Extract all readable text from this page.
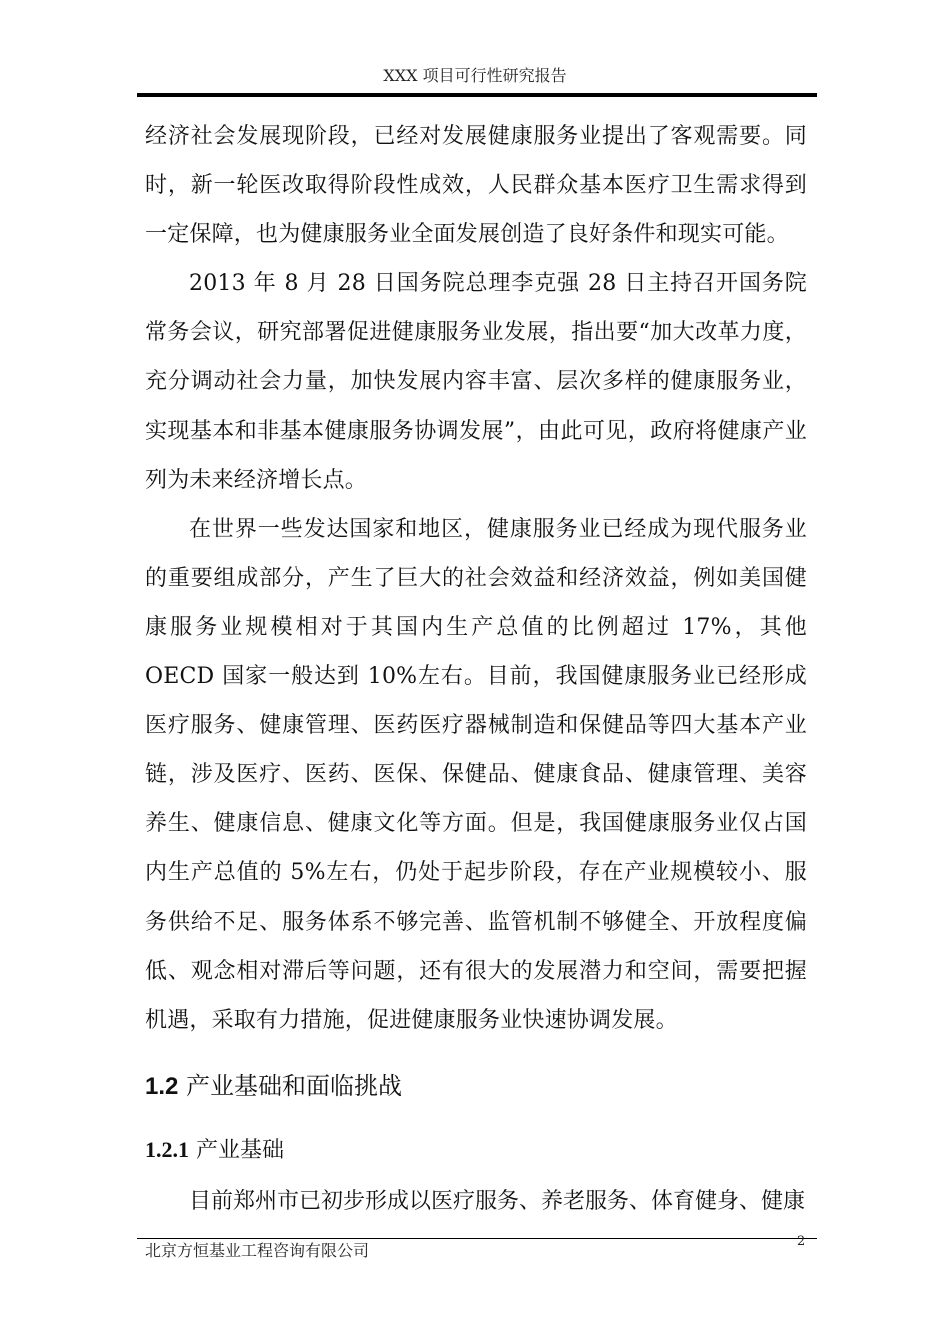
XXX 项目可行性研究报告

经济社会发展现阶段，已经对发展健康服务业提出了客观需要。同时，新一轮医改取得阶段性成效，人民群众基本医疗卫生需求得到一定保障，也为健康服务业全面发展创造了良好条件和现实可能。

2013 年 8 月 28 日国务院总理李克强 28 日主持召开国务院常务会议，研究部署促进健康服务业发展，指出要“加大改革力度，充分调动社会力量，加快发展内容丰富、层次多样的健康服务业，实现基本和非基本健康服务协调发展”，由此可见，政府将健康产业列为未来经济增长点。

在世界一些发达国家和地区，健康服务业已经成为现代服务业的重要组成部分，产生了巨大的社会效益和经济效益，例如美国健康服务业规模相对于其国内生产总值的比例超过 17%，其他 OECD 国家一般达到 10%左右。目前，我国健康服务业已经形成医疗服务、健康管理、医药医疗器械制造和保健品等四大基本产业链，涉及医疗、医药、医保、保健品、健康食品、健康管理、美容养生、健康信息、健康文化等方面。但是，我国健康服务业仅占国内生产总值的 5%左右，仍处于起步阶段，存在产业规模较小、服务供给不足、服务体系不够完善、监管机制不够健全、开放程度偏低、观念相对滞后等问题，还有很大的发展潜力和空间，需要把握机遇，采取有力措施，促进健康服务业快速协调发展。

1.2 产业基础和面临挑战
1.2.1 产业基础

目前郑州市已初步形成以医疗服务、养老服务、体育健身、健康

北京方恒基业工程咨询有限公司	2
